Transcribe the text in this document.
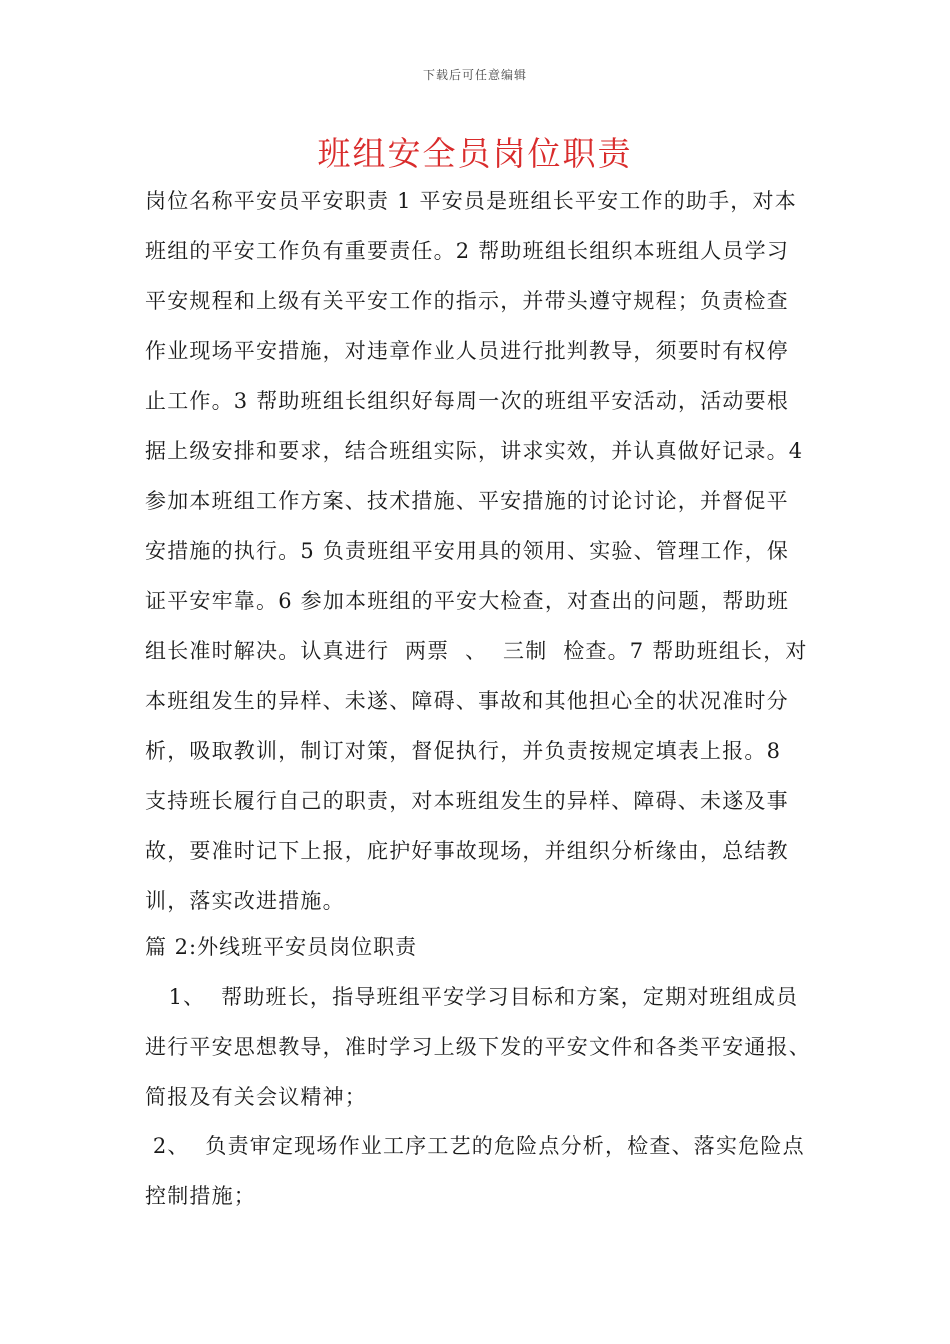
下载后可任意编辑
班组安全员岗位职责
岗位名称平安员平安职责 1 平安员是班组长平安工作的助手，对本
班组的平安工作负有重要责任。2 帮助班组长组织本班组人员学习
平安规程和上级有关平安工作的指示，并带头遵守规程；负责检查
作业现场平安措施，对违章作业人员进行批判教导，须要时有权停
止工作。3 帮助班组长组织好每周一次的班组平安活动，活动要根
据上级安排和要求，结合班组实际，讲求实效，并认真做好记录。4
参加本班组工作方案、技术措施、平安措施的讨论讨论，并督促平
安措施的执行。5 负责班组平安用具的领用、实验、管理工作，保
证平安牢靠。6 参加本班组的平安大检查，对查出的问题，帮助班
组长准时解决。认真进行  两票  、  三制  检查。7 帮助班组长，对
本班组发生的异样、未遂、障碍、事故和其他担心全的状况准时分
析，吸取教训，制订对策，督促执行，并负责按规定填表上报。8
支持班长履行自己的职责，对本班组发生的异样、障碍、未遂及事
故，要准时记下上报，庇护好事故现场，并组织分析缘由，总结教
训，落实改进措施。
篇 2:外线班平安员岗位职责
1、  帮助班长，指导班组平安学习目标和方案，定期对班组成员
进行平安思想教导，准时学习上级下发的平安文件和各类平安通报、
简报及有关会议精神；
2、  负责审定现场作业工序工艺的危险点分析，检查、落实危险点
控制措施；
